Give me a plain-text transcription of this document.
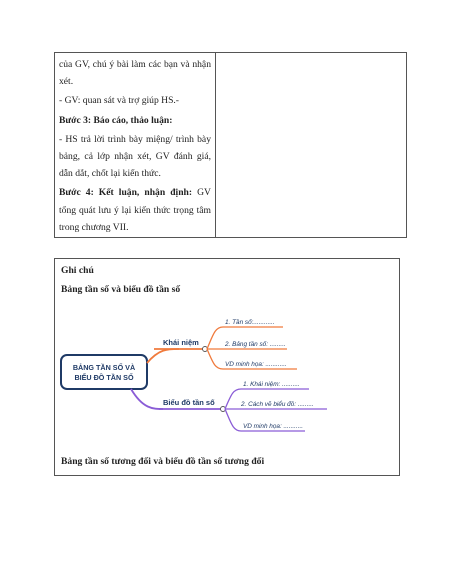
của GV, chú ý bài làm các bạn và nhận xét.

- GV: quan sát và trợ giúp HS.-

Bước 3: Báo cáo, thảo luận:

- HS trả lời trình bày miệng/ trình bày bảng, cả lớp nhận xét, GV đánh giá, dẫn dắt, chốt lại kiến thức.

Bước 4: Kết luận, nhận định: GV tổng quát lưu ý lại kiến thức trọng tâm trong chương VII.

Ghi chú
Bảng tần số và biểu đồ tần số
BẢNG TẦN SỐ VÀ
BIỂU ĐỒ TẦN SỐ
Khái niệm
1. Tần số:............
2. Bảng tần số: .........
VD minh họa: ............
Biểu đồ tần số
1. Khái niệm: ..........
2. Cách vẽ biểu đồ: .........
VD minh họa: ...........
Bảng tần số tương đối và biểu đồ tần số tương đối
